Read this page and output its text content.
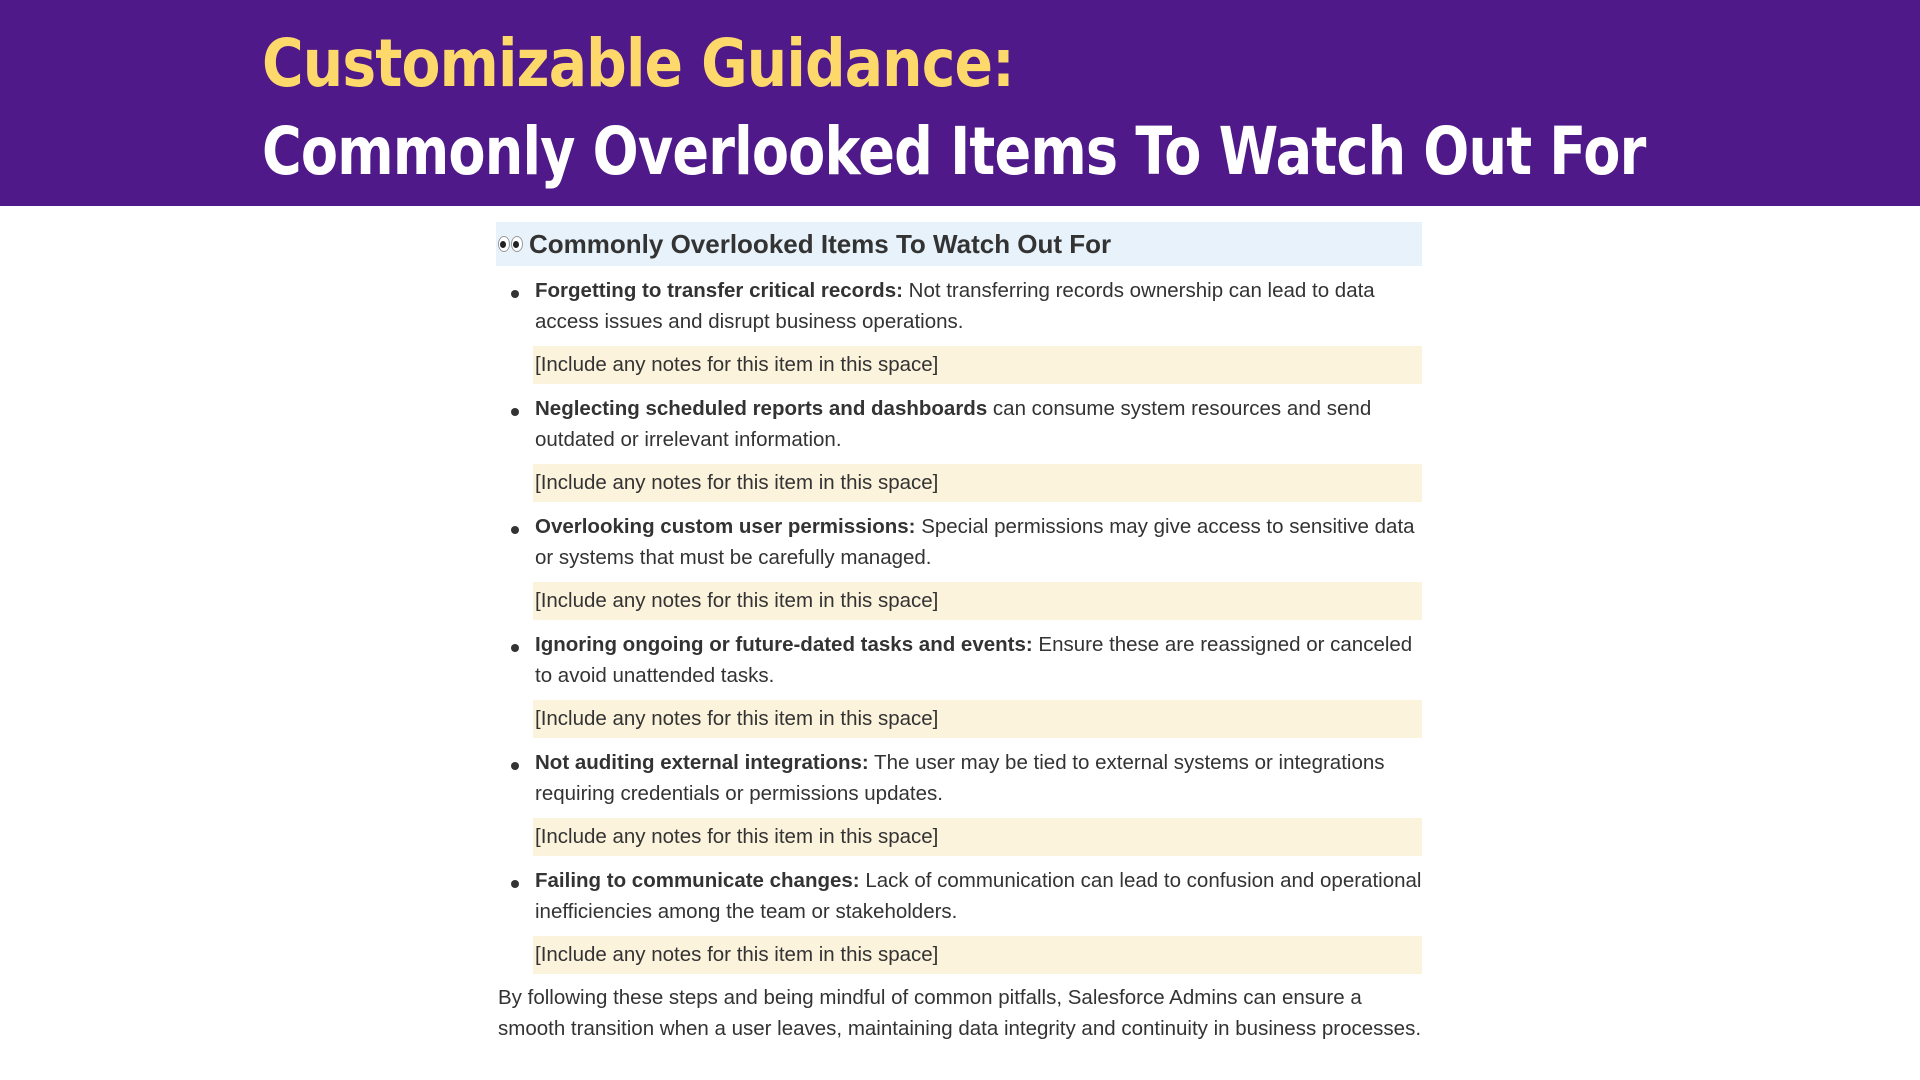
Customizable Guidance:
Commonly Overlooked Items To Watch Out For
Commonly Overlooked Items To Watch Out For
Forgetting to transfer critical records: Not transferring records ownership can lead to data access issues and disrupt business operations.
[Include any notes for this item in this space]
Neglecting scheduled reports and dashboards can consume system resources and send outdated or irrelevant information.
[Include any notes for this item in this space]
Overlooking custom user permissions: Special permissions may give access to sensitive data or systems that must be carefully managed.
[Include any notes for this item in this space]
Ignoring ongoing or future-dated tasks and events: Ensure these are reassigned or canceled to avoid unattended tasks.
[Include any notes for this item in this space]
Not auditing external integrations: The user may be tied to external systems or integrations requiring credentials or permissions updates.
[Include any notes for this item in this space]
Failing to communicate changes: Lack of communication can lead to confusion and operational inefficiencies among the team or stakeholders.
[Include any notes for this item in this space]

By following these steps and being mindful of common pitfalls, Salesforce Admins can ensure a smooth transition when a user leaves, maintaining data integrity and continuity in business processes.
